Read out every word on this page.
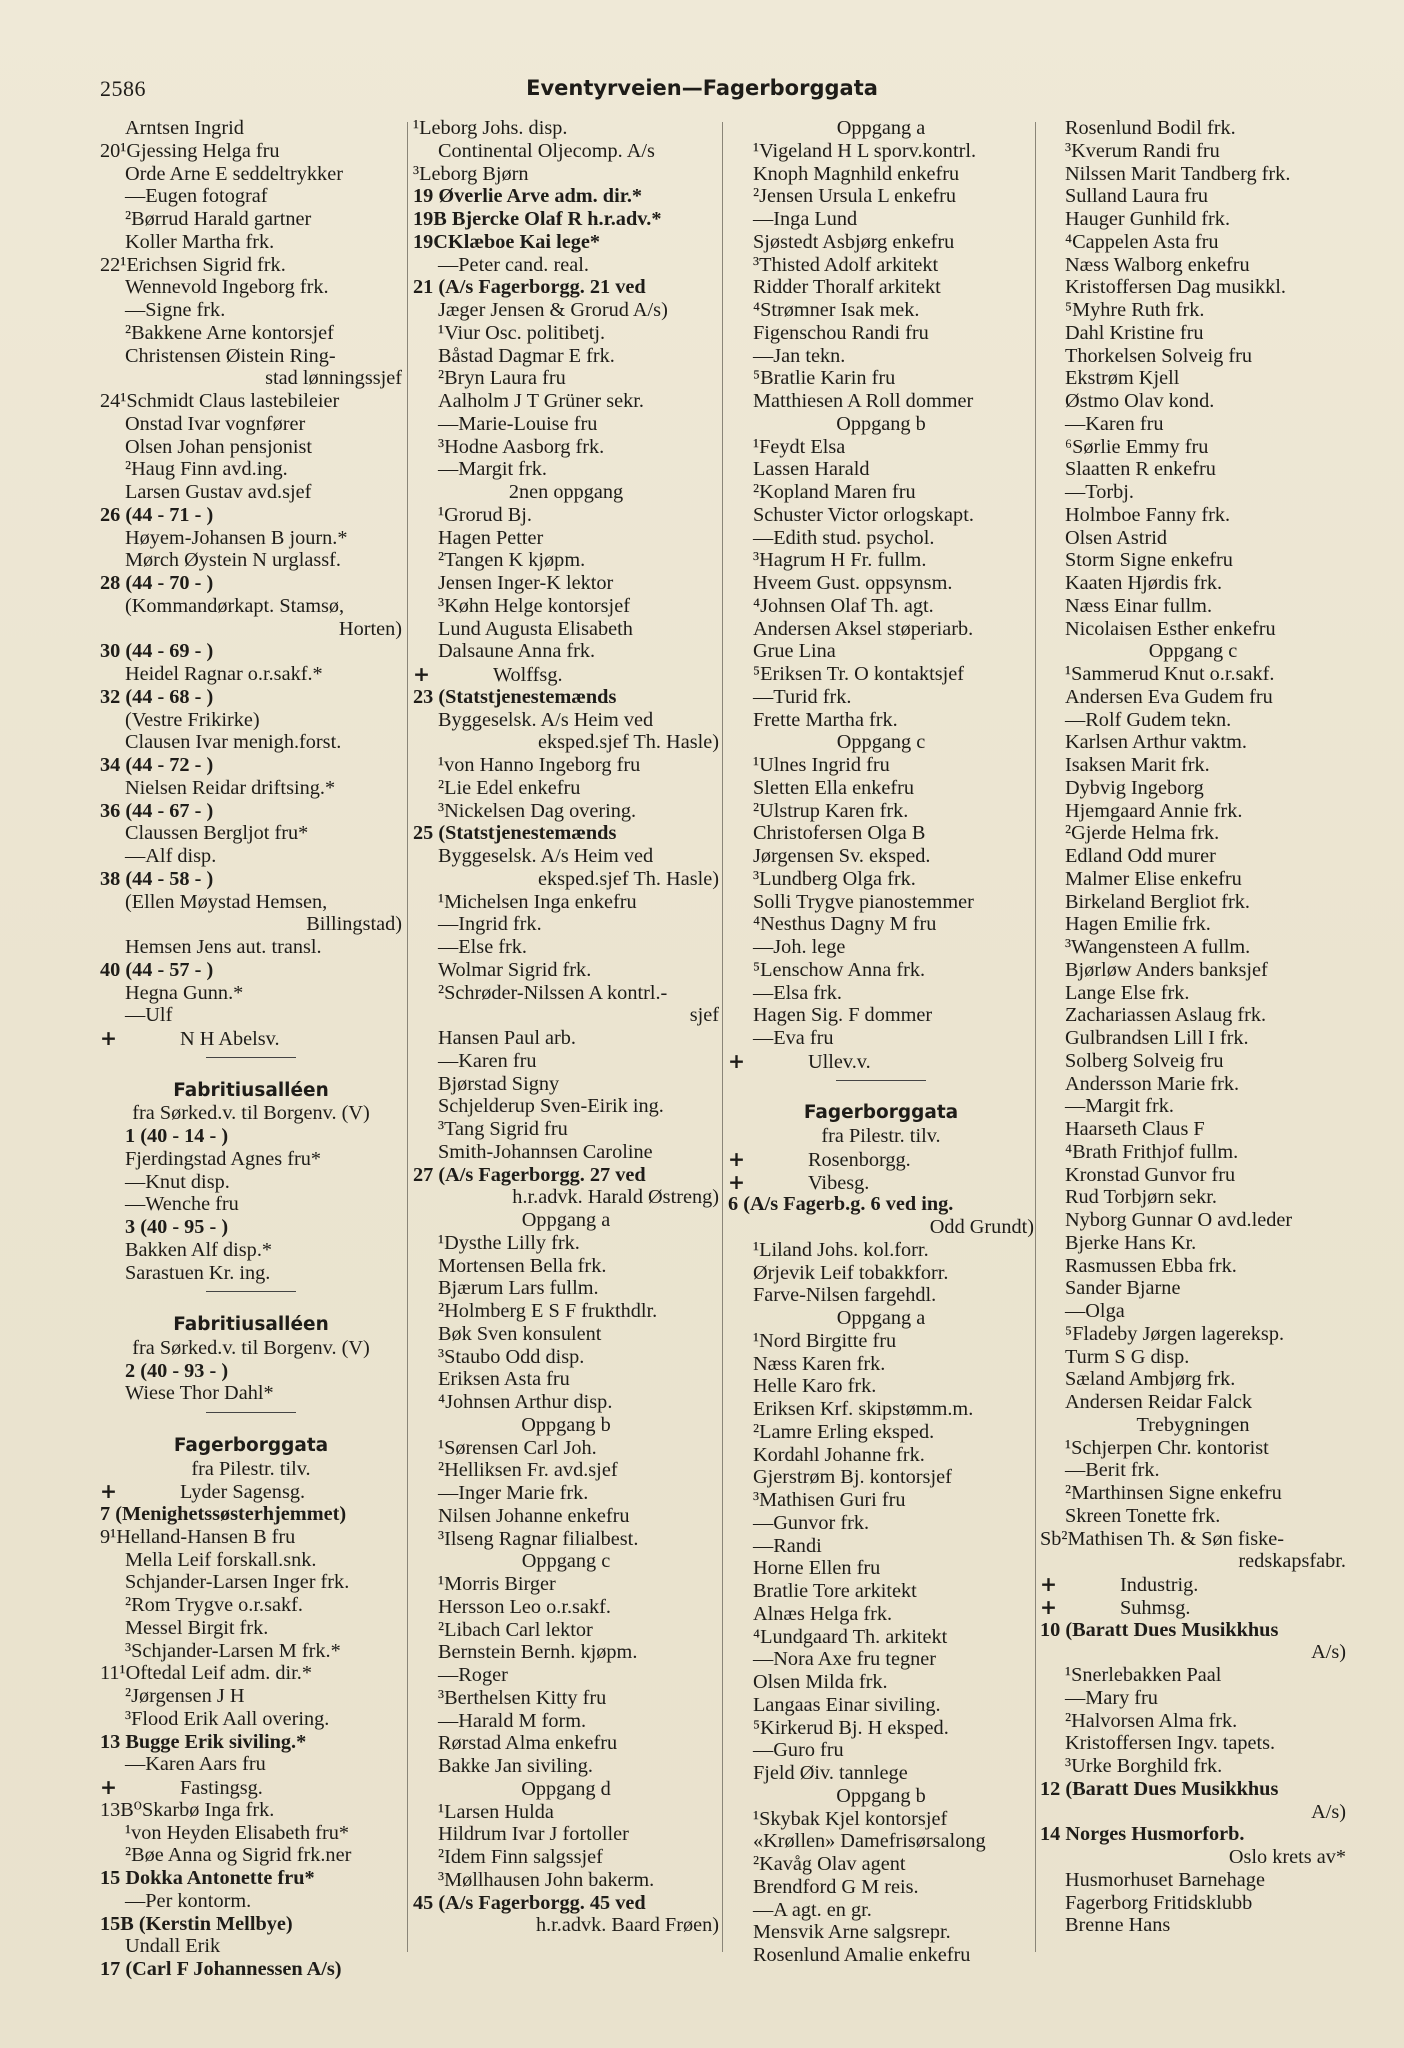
2586	Eventyrveien—Fagerborggata
Arntsen Ingrid
20¹Gjessing Helga fru
Orde Arne E seddeltrykker
—Eugen fotograf
²Børrud Harald gartner
Koller Martha frk.
22¹Erichsen Sigrid frk.
Wennevold Ingeborg frk.
—Signe frk.
²Bakkene Arne kontorsjef
Christensen Øistein Ring-
stad lønningssjef
24¹Schmidt Claus lastebileier
Onstad Ivar vognfører
Olsen Johan pensjonist
²Haug Finn avd.ing.
Larsen Gustav avd.sjef
26 (44 - 71 - )
Høyem-Johansen B journ.*
Mørch Øystein N urglassf.
28 (44 - 70 - )
(Kommandørkapt. Stamsø,
Horten)
30 (44 - 69 - )
Heidel Ragnar o.r.sakf.*
32 (44 - 68 - )
(Vestre Frikirke)
Clausen Ivar menigh.forst.
34 (44 - 72 - )
Nielsen Reidar driftsing.*
36 (44 - 67 - )
Claussen Bergljot fru*
—Alf disp.
38 (44 - 58 - )
(Ellen Møystad Hemsen,
Billingstad)
Hemsen Jens aut. transl.
40 (44 - 57 - )
Hegna Gunn.*
—Ulf
+	N H Abelsv.
Fabritiusalléen
fra Sørked.v. til Borgenv. (V)
1 (40 - 14 - )
Fjerdingstad Agnes fru*
—Knut disp.
—Wenche fru
3 (40 - 95 - )
Bakken Alf disp.*
Sarastuen Kr. ing.
Fabritiusalléen
fra Sørked.v. til Borgenv. (V)
2 (40 - 93 - )
Wiese Thor Dahl*
Fagerborggata
fra Pilestr. tilv.
+	Lyder Sagensg.
7 (Menighetssøsterhjemmet)
9¹Helland-Hansen B fru
Mella Leif forskall.snk.
Schjander-Larsen Inger frk.
²Rom Trygve o.r.sakf.
Messel Birgit frk.
³Schjander-Larsen M frk.*
11¹Oftedal Leif adm. dir.*
²Jørgensen J H
³Flood Erik Aall overing.
13 Bugge Erik siviling.*
—Karen Aars fru
+	Fastingsg.
13B⁰Skarbø Inga frk.
¹von Heyden Elisabeth fru*
²Bøe Anna og Sigrid frk.ner
15 Dokka Antonette fru*
—Per kontorm.
15B (Kerstin Mellbye)
Undall Erik
17 (Carl F Johannessen A/s)
¹Leborg Johs. disp.
Continental Oljecomp. A/s
³Leborg Bjørn
19 Øverlie Arve adm. dir.*
19B Bjercke Olaf R h.r.adv.*
19CKlæboe Kai lege*
—Peter cand. real.
21 (A/s Fagerborgg. 21 ved
Jæger Jensen & Grorud A/s)
¹Viur Osc. politibetj.
Båstad Dagmar E frk.
²Bryn Laura fru
Aalholm J T Grüner sekr.
—Marie-Louise fru
³Hodne Aasborg frk.
—Margit frk.
2nen oppgang
¹Grorud Bj.
Hagen Petter
²Tangen K kjøpm.
Jensen Inger-K lektor
³Køhn Helge kontorsjef
Lund Augusta Elisabeth
Dalsaune Anna frk.
+	Wolffsg.
23 (Statstjenestemænds
Byggeselsk. A/s Heim ved
eksped.sjef Th. Hasle)
¹von Hanno Ingeborg fru
²Lie Edel enkefru
³Nickelsen Dag overing.
25 (Statstjenestemænds
Byggeselsk. A/s Heim ved
eksped.sjef Th. Hasle)
¹Michelsen Inga enkefru
—Ingrid frk.
—Else frk.
Wolmar Sigrid frk.
²Schrøder-Nilssen A kontrl.-
sjef
Hansen Paul arb.
—Karen fru
Bjørstad Signy
Schjelderup Sven-Eirik ing.
³Tang Sigrid fru
Smith-Johannsen Caroline
27 (A/s Fagerborgg. 27 ved
h.r.advk. Harald Østreng)
Oppgang a
¹Dysthe Lilly frk.
Mortensen Bella frk.
Bjærum Lars fullm.
²Holmberg E S F frukthdlr.
Bøk Sven konsulent
³Staubo Odd disp.
Eriksen Asta fru
⁴Johnsen Arthur disp.
Oppgang b
¹Sørensen Carl Joh.
²Helliksen Fr. avd.sjef
—Inger Marie frk.
Nilsen Johanne enkefru
³Ilseng Ragnar filialbest.
Oppgang c
¹Morris Birger
Hersson Leo o.r.sakf.
²Libach Carl lektor
Bernstein Bernh. kjøpm.
—Roger
³Berthelsen Kitty fru
—Harald M form.
Rørstad Alma enkefru
Bakke Jan siviling.
Oppgang d
¹Larsen Hulda
Hildrum Ivar J fortoller
²Idem Finn salgssjef
³Møllhausen John bakerm.
45 (A/s Fagerborgg. 45 ved
h.r.advk. Baard Frøen)
Oppgang a
¹Vigeland H L sporv.kontrl.
Knoph Magnhild enkefru
²Jensen Ursula L enkefru
—Inga Lund
Sjøstedt Asbjørg enkefru
³Thisted Adolf arkitekt
Ridder Thoralf arkitekt
⁴Strømner Isak mek.
Figenschou Randi fru
—Jan tekn.
⁵Bratlie Karin fru
Matthiesen A Roll dommer
Oppgang b
¹Feydt Elsa
Lassen Harald
²Kopland Maren fru
Schuster Victor orlogskapt.
—Edith stud. psychol.
³Hagrum H Fr. fullm.
Hveem Gust. oppsynsm.
⁴Johnsen Olaf Th. agt.
Andersen Aksel støperiarb.
Grue Lina
⁵Eriksen Tr. O kontaktsjef
—Turid frk.
Frette Martha frk.
Oppgang c
¹Ulnes Ingrid fru
Sletten Ella enkefru
²Ulstrup Karen frk.
Christofersen Olga B
Jørgensen Sv. eksped.
³Lundberg Olga frk.
Solli Trygve pianostemmer
⁴Nesthus Dagny M fru
—Joh. lege
⁵Lenschow Anna frk.
—Elsa frk.
Hagen Sig. F dommer
—Eva fru
+	Ullev.v.
Fagerborggata
fra Pilestr. tilv.
+	Rosenborgg.
+	Vibesg.
6 (A/s Fagerb.g. 6 ved ing.
Odd Grundt)
¹Liland Johs. kol.forr.
Ørjevik Leif tobakkforr.
Farve-Nilsen fargehdl.
Oppgang a
¹Nord Birgitte fru
Næss Karen frk.
Helle Karo frk.
Eriksen Krf. skipstømm.m.
²Lamre Erling eksped.
Kordahl Johanne frk.
Gjerstrøm Bj. kontorsjef
³Mathisen Guri fru
—Gunvor frk.
—Randi
Horne Ellen fru
Bratlie Tore arkitekt
Alnæs Helga frk.
⁴Lundgaard Th. arkitekt
—Nora Axe fru tegner
Olsen Milda frk.
Langaas Einar siviling.
⁵Kirkerud Bj. H eksped.
—Guro fru
Fjeld Øiv. tannlege
Oppgang b
¹Skybak Kjel kontorsjef
«Krøllen» Damefrisørsalong
²Kavåg Olav agent
Brendford G M reis.
—A agt. en gr.
Mensvik Arne salgsrepr.
Rosenlund Amalie enkefru
Rosenlund Bodil frk.
³Kverum Randi fru
Nilssen Marit Tandberg frk.
Sulland Laura fru
Hauger Gunhild frk.
⁴Cappelen Asta fru
Næss Walborg enkefru
Kristoffersen Dag musikkl.
⁵Myhre Ruth frk.
Dahl Kristine fru
Thorkelsen Solveig fru
Ekstrøm Kjell
Østmo Olav kond.
—Karen fru
⁶Sørlie Emmy fru
Slaatten R enkefru
—Torbj.
Holmboe Fanny frk.
Olsen Astrid
Storm Signe enkefru
Kaaten Hjørdis frk.
Næss Einar fullm.
Nicolaisen Esther enkefru
Oppgang c
¹Sammerud Knut o.r.sakf.
Andersen Eva Gudem fru
—Rolf Gudem tekn.
Karlsen Arthur vaktm.
Isaksen Marit frk.
Dybvig Ingeborg
Hjemgaard Annie frk.
²Gjerde Helma frk.
Edland Odd murer
Malmer Elise enkefru
Birkeland Bergliot frk.
Hagen Emilie frk.
³Wangensteen A fullm.
Bjørløw Anders banksjef
Lange Else frk.
Zachariassen Aslaug frk.
Gulbrandsen Lill I frk.
Solberg Solveig fru
Andersson Marie frk.
—Margit frk.
Haarseth Claus F
⁴Brath Frithjof fullm.
Kronstad Gunvor fru
Rud Torbjørn sekr.
Nyborg Gunnar O avd.leder
Bjerke Hans Kr.
Rasmussen Ebba frk.
Sander Bjarne
—Olga
⁵Fladeby Jørgen lagereksp.
Turm S G disp.
Sæland Ambjørg frk.
Andersen Reidar Falck
Trebygningen
¹Schjerpen Chr. kontorist
—Berit frk.
²Marthinsen Signe enkefru
Skreen Tonette frk.
Sb²Mathisen Th. & Søn fiske-
redskapsfabr.
+	Industrig.
+	Suhmsg.
10 (Baratt Dues Musikkhus
A/s)
¹Snerlebakken Paal
—Mary fru
²Halvorsen Alma frk.
Kristoffersen Ingv. tapets.
³Urke Borghild frk.
12 (Baratt Dues Musikkhus
A/s)
14 Norges Husmorforb.
Oslo krets av*
Husmorhuset Barnehage
Fagerborg Fritidsklubb
Brenne Hans
